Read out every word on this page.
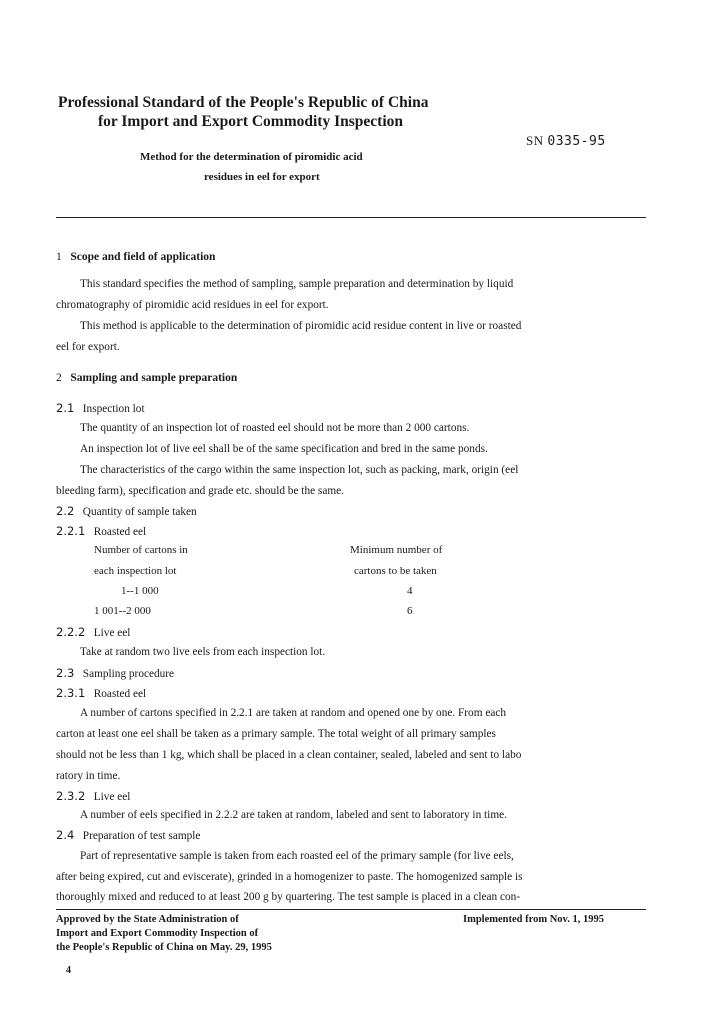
Professional Standard of the People's Republic of China
for Import and Export Commodity Inspection
SN 0335-95
Method for the determination of piromidic acid
residues in eel for export
1 Scope and field of application
This standard specifies the method of sampling, sample preparation and determination by liquid
chromatography of piromidic acid residues in eel for export.
This method is applicable to the determination of piromidic acid residue content in live or roasted
eel for export.
2 Sampling and sample preparation
2.1 Inspection lot
The quantity of an inspection lot of roasted eel should not be more than 2 000 cartons.
An inspection lot of live eel shall be of the same specification and bred in the same ponds.
The characteristics of the cargo within the same inspection lot, such as packing, mark, origin (eel
bleeding farm), specification and grade etc. should be the same.
2.2 Quantity of sample taken
2.2.1 Roasted eel
Number of cartons in
each inspection lot
Minimum number of
cartons to be taken
1--1 000	4
1 001--2 000	6
2.2.2 Live eel
Take at random two live eels from each inspection lot.
2.3 Sampling procedure
2.3.1 Roasted eel
A number of cartons specified in 2.2.1 are taken at random and opened one by one. From each
carton at least one eel shall be taken as a primary sample. The total weight of all primary samples
should not be less than 1 kg, which shall be placed in a clean container, sealed, labeled and sent to labo
ratory in time.
2.3.2 Live eel
A number of eels specified in 2.2.2 are taken at random, labeled and sent to laboratory in time.
2.4 Preparation of test sample
Part of representative sample is taken from each roasted eel of the primary sample (for live eels,
after being expired, cut and eviscerate), grinded in a homogenizer to paste. The homogenized sample is
thoroughly mixed and reduced to at least 200 g by quartering. The test sample is placed in a clean con-
Approved by the State Administration of
Import and Export Commodity Inspection of
the People's Republic of China on May. 29, 1995
Implemented from Nov. 1, 1995
4
